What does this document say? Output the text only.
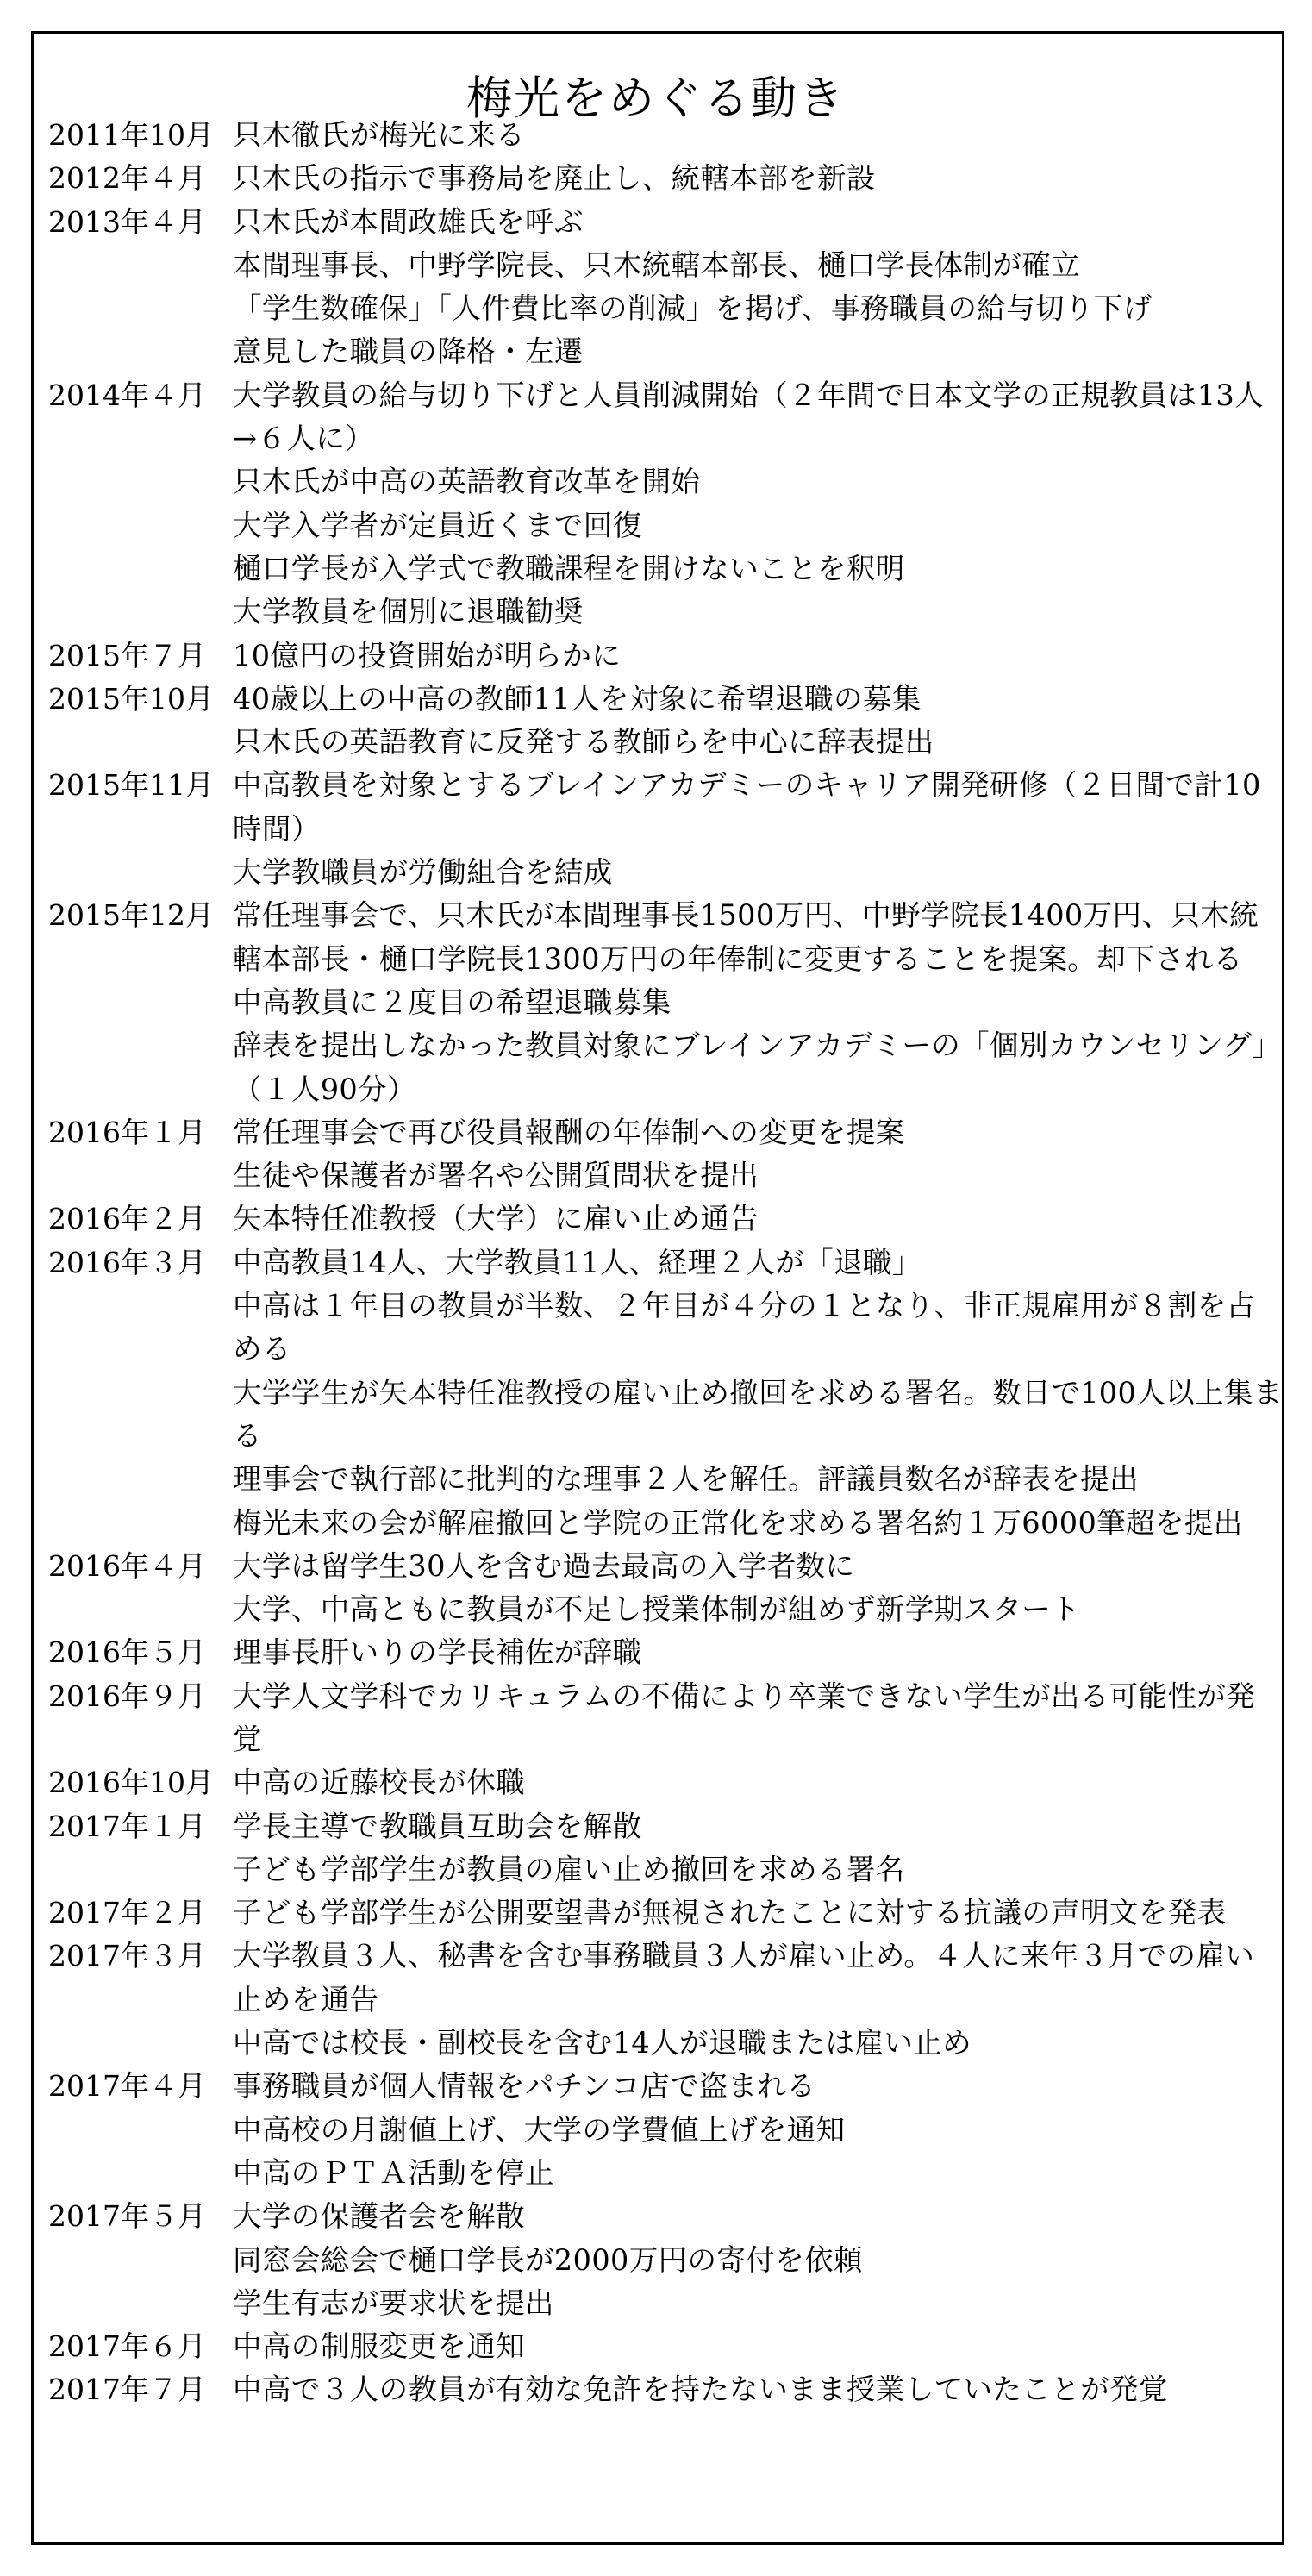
梅光をめぐる動き
2011年10月 只木徹氏が梅光に来る
2012年４月 只木氏の指示で事務局を廃止し、統轄本部を新設
2013年４月 只木氏が本間政雄氏を呼ぶ
本間理事長、中野学院長、只木統轄本部長、樋口学長体制が確立
「学生数確保」「人件費比率の削減」を掲げ、事務職員の給与切り下げ
意見した職員の降格・左遷
2014年４月 大学教員の給与切り下げと人員削減開始（２年間で日本文学の正規教員は13人→６人に）
只木氏が中高の英語教育改革を開始
大学入学者が定員近くまで回復
樋口学長が入学式で教職課程を開けないことを釈明
大学教員を個別に退職勧奨
2015年７月 10億円の投資開始が明らかに
2015年10月 40歳以上の中高の教師11人を対象に希望退職の募集
只木氏の英語教育に反発する教師らを中心に辞表提出
2015年11月 中高教員を対象とするブレインアカデミーのキャリア開発研修（２日間で計10時間）
大学教職員が労働組合を結成
2015年12月 常任理事会で、只木氏が本間理事長1500万円、中野学院長1400万円、只木統轄本部長・樋口学院長1300万円の年俸制に変更することを提案。却下される
中高教員に２度目の希望退職募集
辞表を提出しなかった教員対象にブレインアカデミーの「個別カウンセリング」（１人90分）
2016年１月 常任理事会で再び役員報酬の年俸制への変更を提案
生徒や保護者が署名や公開質問状を提出
2016年２月 矢本特任准教授（大学）に雇い止め通告
2016年３月 中高教員14人、大学教員11人、経理２人が「退職」
中高は１年目の教員が半数、２年目が４分の１となり、非正規雇用が８割を占める
大学学生が矢本特任准教授の雇い止め撤回を求める署名。数日で100人以上集まる
理事会で執行部に批判的な理事２人を解任。評議員数名が辞表を提出
梅光未来の会が解雇撤回と学院の正常化を求める署名約１万6000筆超を提出
2016年４月 大学は留学生30人を含む過去最高の入学者数に
大学、中高ともに教員が不足し授業体制が組めず新学期スタート
2016年５月 理事長肝いりの学長補佐が辞職
2016年９月 大学人文学科でカリキュラムの不備により卒業できない学生が出る可能性が発覚
2016年10月 中高の近藤校長が休職
2017年１月 学長主導で教職員互助会を解散
子ども学部学生が教員の雇い止め撤回を求める署名
2017年２月 子ども学部学生が公開要望書が無視されたことに対する抗議の声明文を発表
2017年３月 大学教員３人、秘書を含む事務職員３人が雇い止め。４人に来年３月での雇い止めを通告
中高では校長・副校長を含む14人が退職または雇い止め
2017年４月 事務職員が個人情報をパチンコ店で盗まれる
中高校の月謝値上げ、大学の学費値上げを通知
中高のＰＴＡ活動を停止
2017年５月 大学の保護者会を解散
同窓会総会で樋口学長が2000万円の寄付を依頼
学生有志が要求状を提出
2017年６月 中高の制服変更を通知
2017年７月 中高で３人の教員が有効な免許を持たないまま授業していたことが発覚
